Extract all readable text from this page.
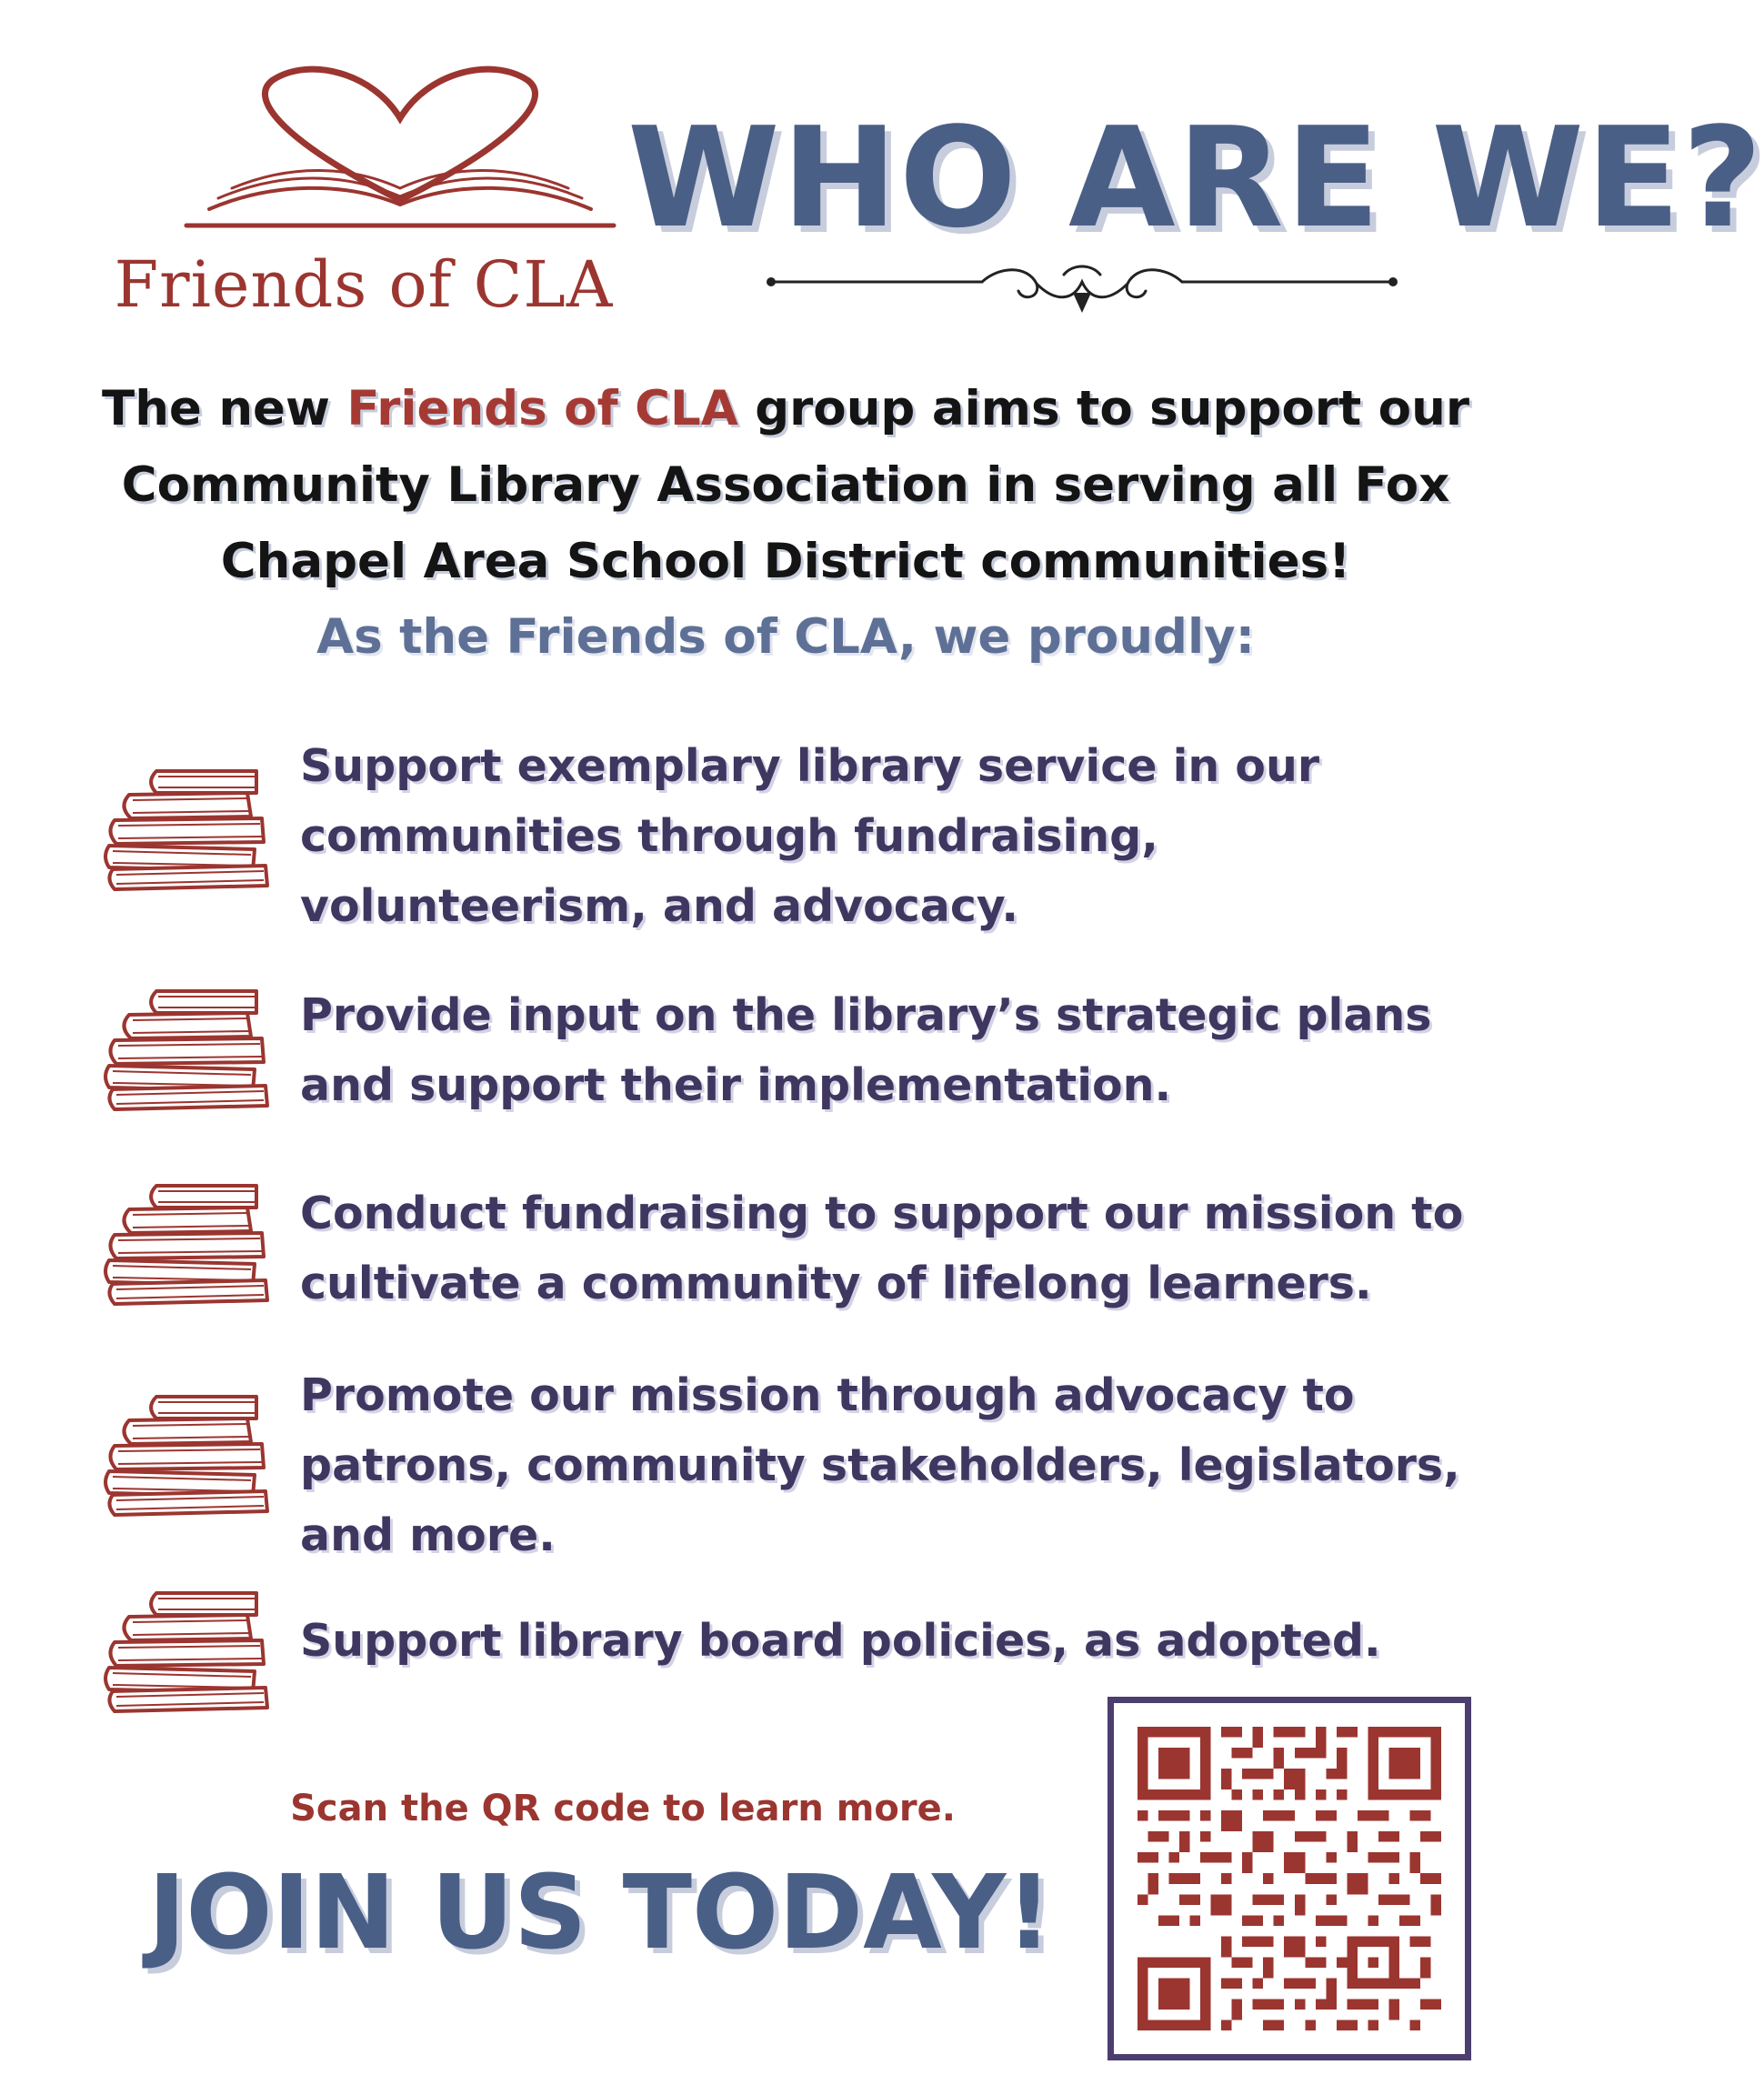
Friends of CLA
WHO ARE WE?
The new Friends of CLA group aims to support our Community Library Association in serving all Fox Chapel Area School District communities!
As the Friends of CLA, we proudly:
Support exemplary library service in our communities through fundraising, volunteerism, and advocacy.
Provide input on the library’s strategic plans and support their implementation.
Conduct fundraising to support our mission to cultivate a community of lifelong learners.
Promote our mission through advocacy to patrons, community stakeholders, legislators, and more.
Support library board policies, as adopted.
Scan the QR code to learn more.
JOIN US TODAY!
